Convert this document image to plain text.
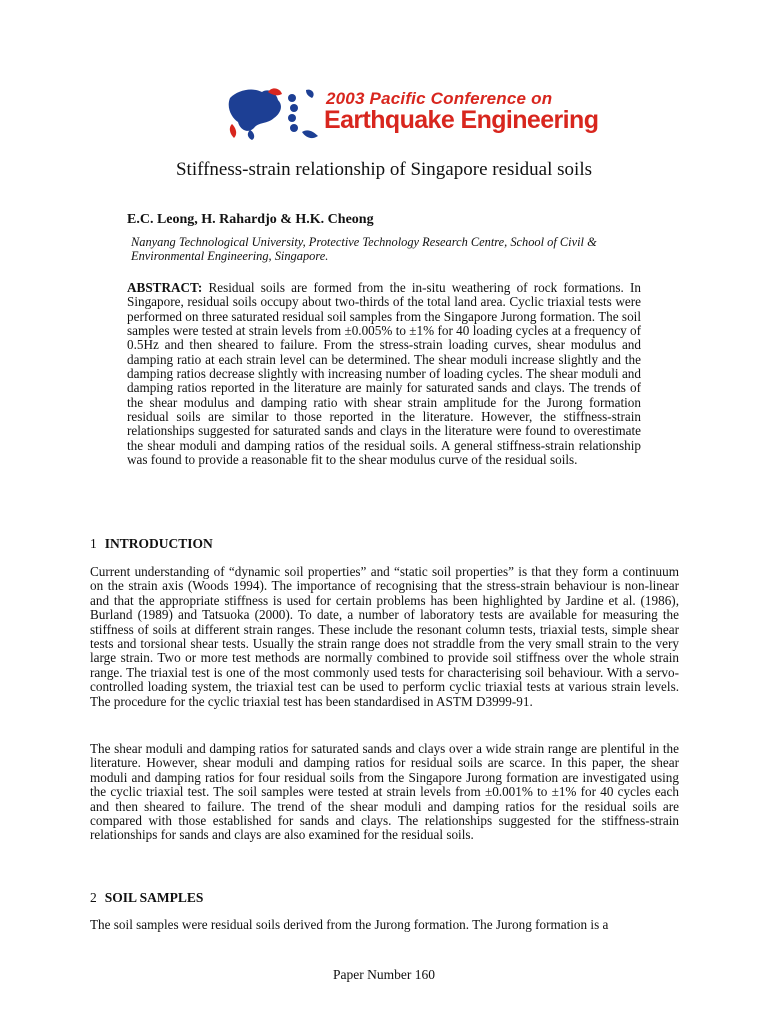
2003 Pacific Conference on
Earthquake Engineering
Stiffness-strain relationship of Singapore residual soils
E.C. Leong, H. Rahardjo & H.K. Cheong
Nanyang Technological University, Protective Technology Research Centre, School of Civil & Environmental Engineering, Singapore.

ABSTRACT: Residual soils are formed from the in-situ weathering of rock formations. In Singapore, residual soils occupy about two-thirds of the total land area. Cyclic triaxial tests were performed on three saturated residual soil samples from the Singapore Jurong formation. The soil samples were tested at strain levels from ±0.005% to ±1% for 40 loading cycles at a frequency of 0.5Hz and then sheared to failure. From the stress-strain loading curves, shear modulus and damping ratio at each strain level can be determined. The shear moduli increase slightly and the damping ratios decrease slightly with increasing number of loading cycles. The shear moduli and damping ratios reported in the literature are mainly for saturated sands and clays. The trends of the shear modulus and damping ratio with shear strain amplitude for the Jurong formation residual soils are similar to those reported in the literature. However, the stiffness-strain relationships suggested for saturated sands and clays in the literature were found to overestimate the shear moduli and damping ratios of the residual soils. A general stiffness-strain relationship was found to provide a reasonable fit to the shear modulus curve of the residual soils.

1 INTRODUCTION

Current understanding of “dynamic soil properties” and “static soil properties” is that they form a continuum on the strain axis (Woods 1994). The importance of recognising that the stress-strain behaviour is non-linear and that the appropriate stiffness is used for certain problems has been highlighted by Jardine et al. (1986), Burland (1989) and Tatsuoka (2000). To date, a number of laboratory tests are available for measuring the stiffness of soils at different strain ranges. These include the resonant column tests, triaxial tests, simple shear tests and torsional shear tests. Usually the strain range does not straddle from the very small strain to the very large strain. Two or more test methods are normally combined to provide soil stiffness over the whole strain range. The triaxial test is one of the most commonly used tests for characterising soil behaviour. With a servo-controlled loading system, the triaxial test can be used to perform cyclic triaxial tests at various strain levels. The procedure for the cyclic triaxial test has been standardised in ASTM D3999-91.

The shear moduli and damping ratios for saturated sands and clays over a wide strain range are plentiful in the literature. However, shear moduli and damping ratios for residual soils are scarce. In this paper, the shear moduli and damping ratios for four residual soils from the Singapore Jurong formation are investigated using the cyclic triaxial test. The soil samples were tested at strain levels from ±0.001% to ±1% for 40 cycles each and then sheared to failure. The trend of the shear moduli and damping ratios for the residual soils are compared with those established for sands and clays. The relationships suggested for the stiffness-strain relationships for sands and clays are also examined for the residual soils.

2 SOIL SAMPLES

The soil samples were residual soils derived from the Jurong formation. The Jurong formation is a

Paper Number 160
